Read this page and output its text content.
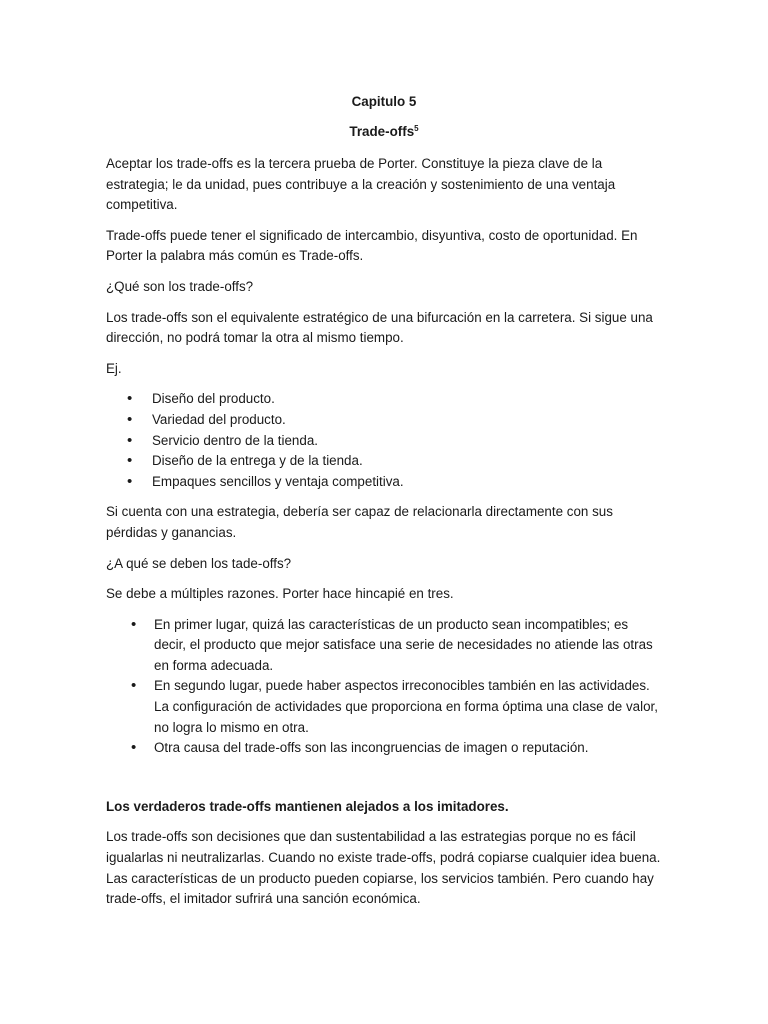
Capitulo 5
Trade-offs$^5$

Aceptar los trade-offs es la tercera prueba de Porter. Constituye la pieza clave de la estrategia; le da unidad, pues contribuye a la creación y sostenimiento de una ventaja competitiva.

Trade-offs puede tener el significado de intercambio, disyuntiva, costo de oportunidad. En Porter la palabra más común es Trade-offs.

¿Qué son los trade-offs?

Los trade-offs son el equivalente estratégico de una bifurcación en la carretera. Si sigue una dirección, no podrá tomar la otra al mismo tiempo.

Ej.

• Diseño del producto.
• Variedad del producto.
• Servicio dentro de la tienda.
• Diseño de la entrega y de la tienda.
• Empaques sencillos y ventaja competitiva.

Si cuenta con una estrategia, debería ser capaz de relacionarla directamente con sus pérdidas y ganancias.

¿A qué se deben los tade-offs?

Se debe a múltiples razones. Porter hace hincapié en tres.

• En primer lugar, quizá las características de un producto sean incompatibles; es decir, el producto que mejor satisface una serie de necesidades no atiende las otras en forma adecuada.
• En segundo lugar, puede haber aspectos irreconocibles también en las actividades. La configuración de actividades que proporciona en forma óptima una clase de valor, no logra lo mismo en otra.
• Otra causa del trade-offs son las incongruencias de imagen o reputación.

Los verdaderos trade-offs mantienen alejados a los imitadores.

Los trade-offs son decisiones que dan sustentabilidad a las estrategias porque no es fácil igualarlas ni neutralizarlas. Cuando no existe trade-offs, podrá copiarse cualquier idea buena. Las características de un producto pueden copiarse, los servicios también. Pero cuando hay trade-offs, el imitador sufrirá una sanción económica.
